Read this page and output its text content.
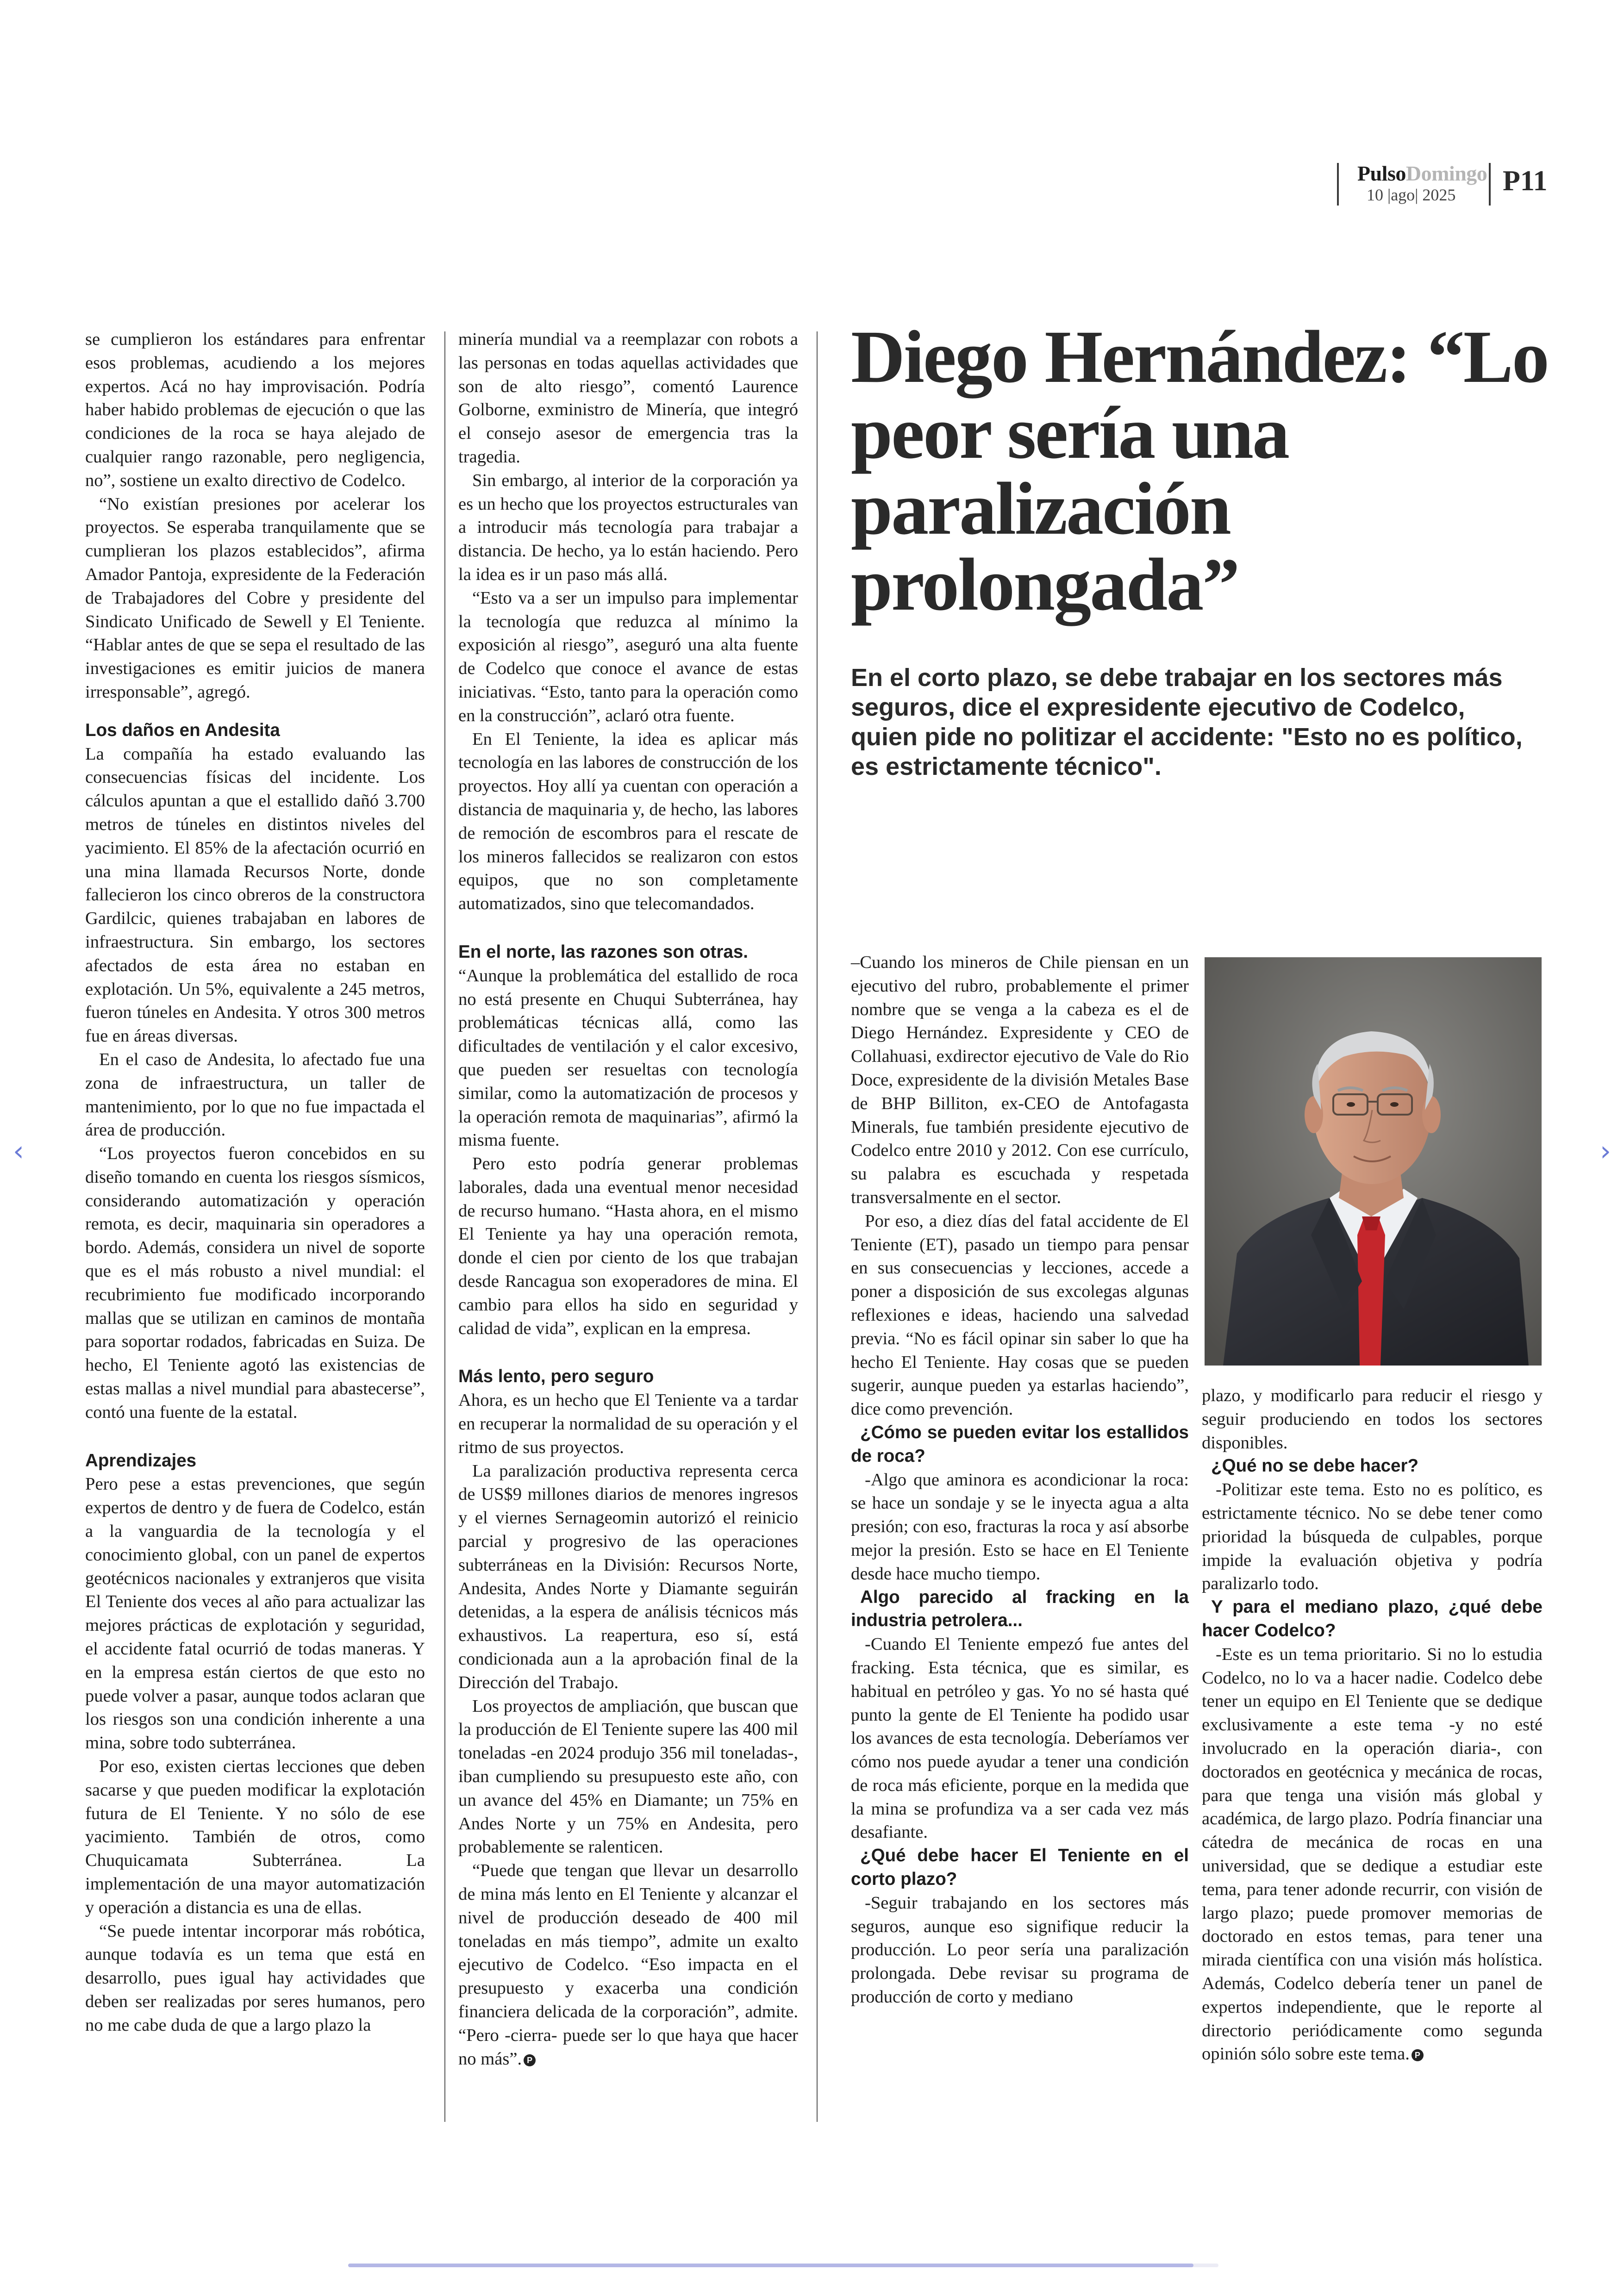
PulsoDomingo
10 |ago| 2025 P11

se cumplieron los estándares para enfrentar esos problemas, acudiendo a los mejores expertos. Acá no hay improvisación. Podría haber habido problemas de ejecución o que las condiciones de la roca se haya alejado de cualquier rango razonable, pero negligencia, no”, sostiene un exalto directivo de Codelco.

“No existían presiones por acelerar los proyectos. Se esperaba tranquilamente que se cumplieran los plazos establecidos”, afirma Amador Pantoja, expresidente de la Federación de Trabajadores del Cobre y presidente del Sindicato Unificado de Sewell y El Teniente. “Hablar antes de que se sepa el resultado de las investigaciones es emitir juicios de manera irresponsable”, agregó.

Los daños en Andesita

La compañía ha estado evaluando las consecuencias físicas del incidente. Los cálculos apuntan a que el estallido dañó 3.700 metros de túneles en distintos niveles del yacimiento. El 85% de la afectación ocurrió en una mina llamada Recursos Norte, donde fallecieron los cinco obreros de la constructora Gardilcic, quienes trabajaban en labores de infraestructura. Sin embargo, los sectores afectados de esta área no estaban en explotación. Un 5%, equivalente a 245 metros, fueron túneles en Andesita. Y otros 300 metros fue en áreas diversas.

En el caso de Andesita, lo afectado fue una zona de infraestructura, un taller de mantenimiento, por lo que no fue impactada el área de producción.

“Los proyectos fueron concebidos en su diseño tomando en cuenta los riesgos sísmicos, considerando automatización y operación remota, es decir, maquinaria sin operadores a bordo. Además, considera un nivel de soporte que es el más robusto a nivel mundial: el recubrimiento fue modificado incorporando mallas que se utilizan en caminos de montaña para soportar rodados, fabricadas en Suiza. De hecho, El Teniente agotó las existencias de estas mallas a nivel mundial para abastecerse”, contó una fuente de la estatal.

Aprendizajes

Pero pese a estas prevenciones, que según expertos de dentro y de fuera de Codelco, están a la vanguardia de la tecnología y el conocimiento global, con un panel de expertos geotécnicos nacionales y extranjeros que visita El Teniente dos veces al año para actualizar las mejores prácticas de explotación y seguridad, el accidente fatal ocurrió de todas maneras. Y en la empresa están ciertos de que esto no puede volver a pasar, aunque todos aclaran que los riesgos son una condición inherente a una mina, sobre todo subterránea.

Por eso, existen ciertas lecciones que deben sacarse y que pueden modificar la explotación futura de El Teniente. Y no sólo de ese yacimiento. También de otros, como Chuquicamata Subterránea. La implementación de una mayor automatización y operación a distancia es una de ellas.

“Se puede intentar incorporar más robótica, aunque todavía es un tema que está en desarrollo, pues igual hay actividades que deben ser realizadas por seres humanos, pero no me cabe duda de que a largo plazo la

minería mundial va a reemplazar con robots a las personas en todas aquellas actividades que son de alto riesgo”, comentó Laurence Golborne, exministro de Minería, que integró el consejo asesor de emergencia tras la tragedia.

Sin embargo, al interior de la corporación ya es un hecho que los proyectos estructurales van a introducir más tecnología para trabajar a distancia. De hecho, ya lo están haciendo. Pero la idea es ir un paso más allá.

“Esto va a ser un impulso para implementar la tecnología que reduzca al mínimo la exposición al riesgo”, aseguró una alta fuente de Codelco que conoce el avance de estas iniciativas. “Esto, tanto para la operación como en la construcción”, aclaró otra fuente.

En El Teniente, la idea es aplicar más tecnología en las labores de construcción de los proyectos. Hoy allí ya cuentan con operación a distancia de maquinaria y, de hecho, las labores de remoción de escombros para el rescate de los mineros fallecidos se realizaron con estos equipos, que no son completamente automatizados, sino que telecomandados.

En el norte, las razones son otras.

“Aunque la problemática del estallido de roca no está presente en Chuqui Subterránea, hay problemáticas técnicas allá, como las dificultades de ventilación y el calor excesivo, que pueden ser resueltas con tecnología similar, como la automatización de procesos y la operación remota de maquinarias”, afirmó la misma fuente.

Pero esto podría generar problemas laborales, dada una eventual menor necesidad de recurso humano. “Hasta ahora, en el mismo El Teniente ya hay una operación remota, donde el cien por ciento de los que trabajan desde Rancagua son exoperadores de mina. El cambio para ellos ha sido en seguridad y calidad de vida”, explican en la empresa.

Más lento, pero seguro

Ahora, es un hecho que El Teniente va a tardar en recuperar la normalidad de su operación y el ritmo de sus proyectos.

La paralización productiva representa cerca de US$9 millones diarios de menores ingresos y el viernes Sernageomin autorizó el reinicio parcial y progresivo de las operaciones subterráneas en la División: Recursos Norte, Andesita, Andes Norte y Diamante seguirán detenidas, a la espera de análisis técnicos más exhaustivos. La reapertura, eso sí, está condicionada aun a la aprobación final de la Dirección del Trabajo.

Los proyectos de ampliación, que buscan que la producción de El Teniente supere las 400 mil toneladas -en 2024 produjo 356 mil toneladas-, iban cumpliendo su presupuesto este año, con un avance del 45% en Diamante; un 75% en Andes Norte y un 75% en Andesita, pero probablemente se ralenticen.

“Puede que tengan que llevar un desarrollo de mina más lento en El Teniente y alcanzar el nivel de producción deseado de 400 mil toneladas en más tiempo”, admite un exalto ejecutivo de Codelco. “Eso impacta en el presupuesto y exacerba una condición financiera delicada de la corporación”, admite. “Pero -cierra- puede ser lo que haya que hacer no más”. P

Diego Hernández: “Lo peor sería una paralización prolongada”

En el corto plazo, se debe trabajar en los sectores más seguros, dice el expresidente ejecutivo de Codelco, quien pide no politizar el accidente: "Esto no es político, es estrictamente técnico".

–Cuando los mineros de Chile piensan en un ejecutivo del rubro, probablemente el primer nombre que se venga a la cabeza es el de Diego Hernández. Expresidente y CEO de Collahuasi, exdirector ejecutivo de Vale do Rio Doce, expresidente de la división Metales Base de BHP Billiton, ex-CEO de Antofagasta Minerals, fue también presidente ejecutivo de Codelco entre 2010 y 2012. Con ese currículo, su palabra es escuchada y respetada transversalmente en el sector.

Por eso, a diez días del fatal accidente de El Teniente (ET), pasado un tiempo para pensar en sus consecuencias y lecciones, accede a poner a disposición de sus excolegas algunas reflexiones e ideas, haciendo una salvedad previa. “No es fácil opinar sin saber lo que ha hecho El Teniente. Hay cosas que se pueden sugerir, aunque pueden ya estarlas haciendo”, dice como prevención.

¿Cómo se pueden evitar los estallidos de roca?

-Algo que aminora es acondicionar la roca: se hace un sondaje y se le inyecta agua a alta presión; con eso, fracturas la roca y así absorbe mejor la presión. Esto se hace en El Teniente desde hace mucho tiempo.

Algo parecido al fracking en la industria petrolera...

-Cuando El Teniente empezó fue antes del fracking. Esta técnica, que es similar, es habitual en petróleo y gas. Yo no sé hasta qué punto la gente de El Teniente ha podido usar los avances de esta tecnología. Deberíamos ver cómo nos puede ayudar a tener una condición de roca más eficiente, porque en la medida que la mina se profundiza va a ser cada vez más desafiante.

¿Qué debe hacer El Teniente en el corto plazo?

-Seguir trabajando en los sectores más seguros, aunque eso signifique reducir la producción. Lo peor sería una paralización prolongada. Debe revisar su programa de producción de corto y mediano

plazo, y modificarlo para reducir el riesgo y seguir produciendo en todos los sectores disponibles.

¿Qué no se debe hacer?

-Politizar este tema. Esto no es político, es estrictamente técnico. No se debe tener como prioridad la búsqueda de culpables, porque impide la evaluación objetiva y podría paralizarlo todo.

Y para el mediano plazo, ¿qué debe hacer Codelco?

-Este es un tema prioritario. Si no lo estudia Codelco, no lo va a hacer nadie. Codelco debe tener un equipo en El Teniente que se dedique exclusivamente a este tema -y no esté involucrado en la operación diaria-, con doctorados en geotécnica y mecánica de rocas, para que tenga una visión más global y académica, de largo plazo. Podría financiar una cátedra de mecánica de rocas en una universidad, que se dedique a estudiar este tema, para tener adonde recurrir, con visión de largo plazo; puede promover memorias de doctorado en estos temas, para tener una mirada científica con una visión más holística. Además, Codelco debería tener un panel de expertos independiente, que le reporte al directorio periódicamente como segunda opinión sólo sobre este tema. P

‹	›
